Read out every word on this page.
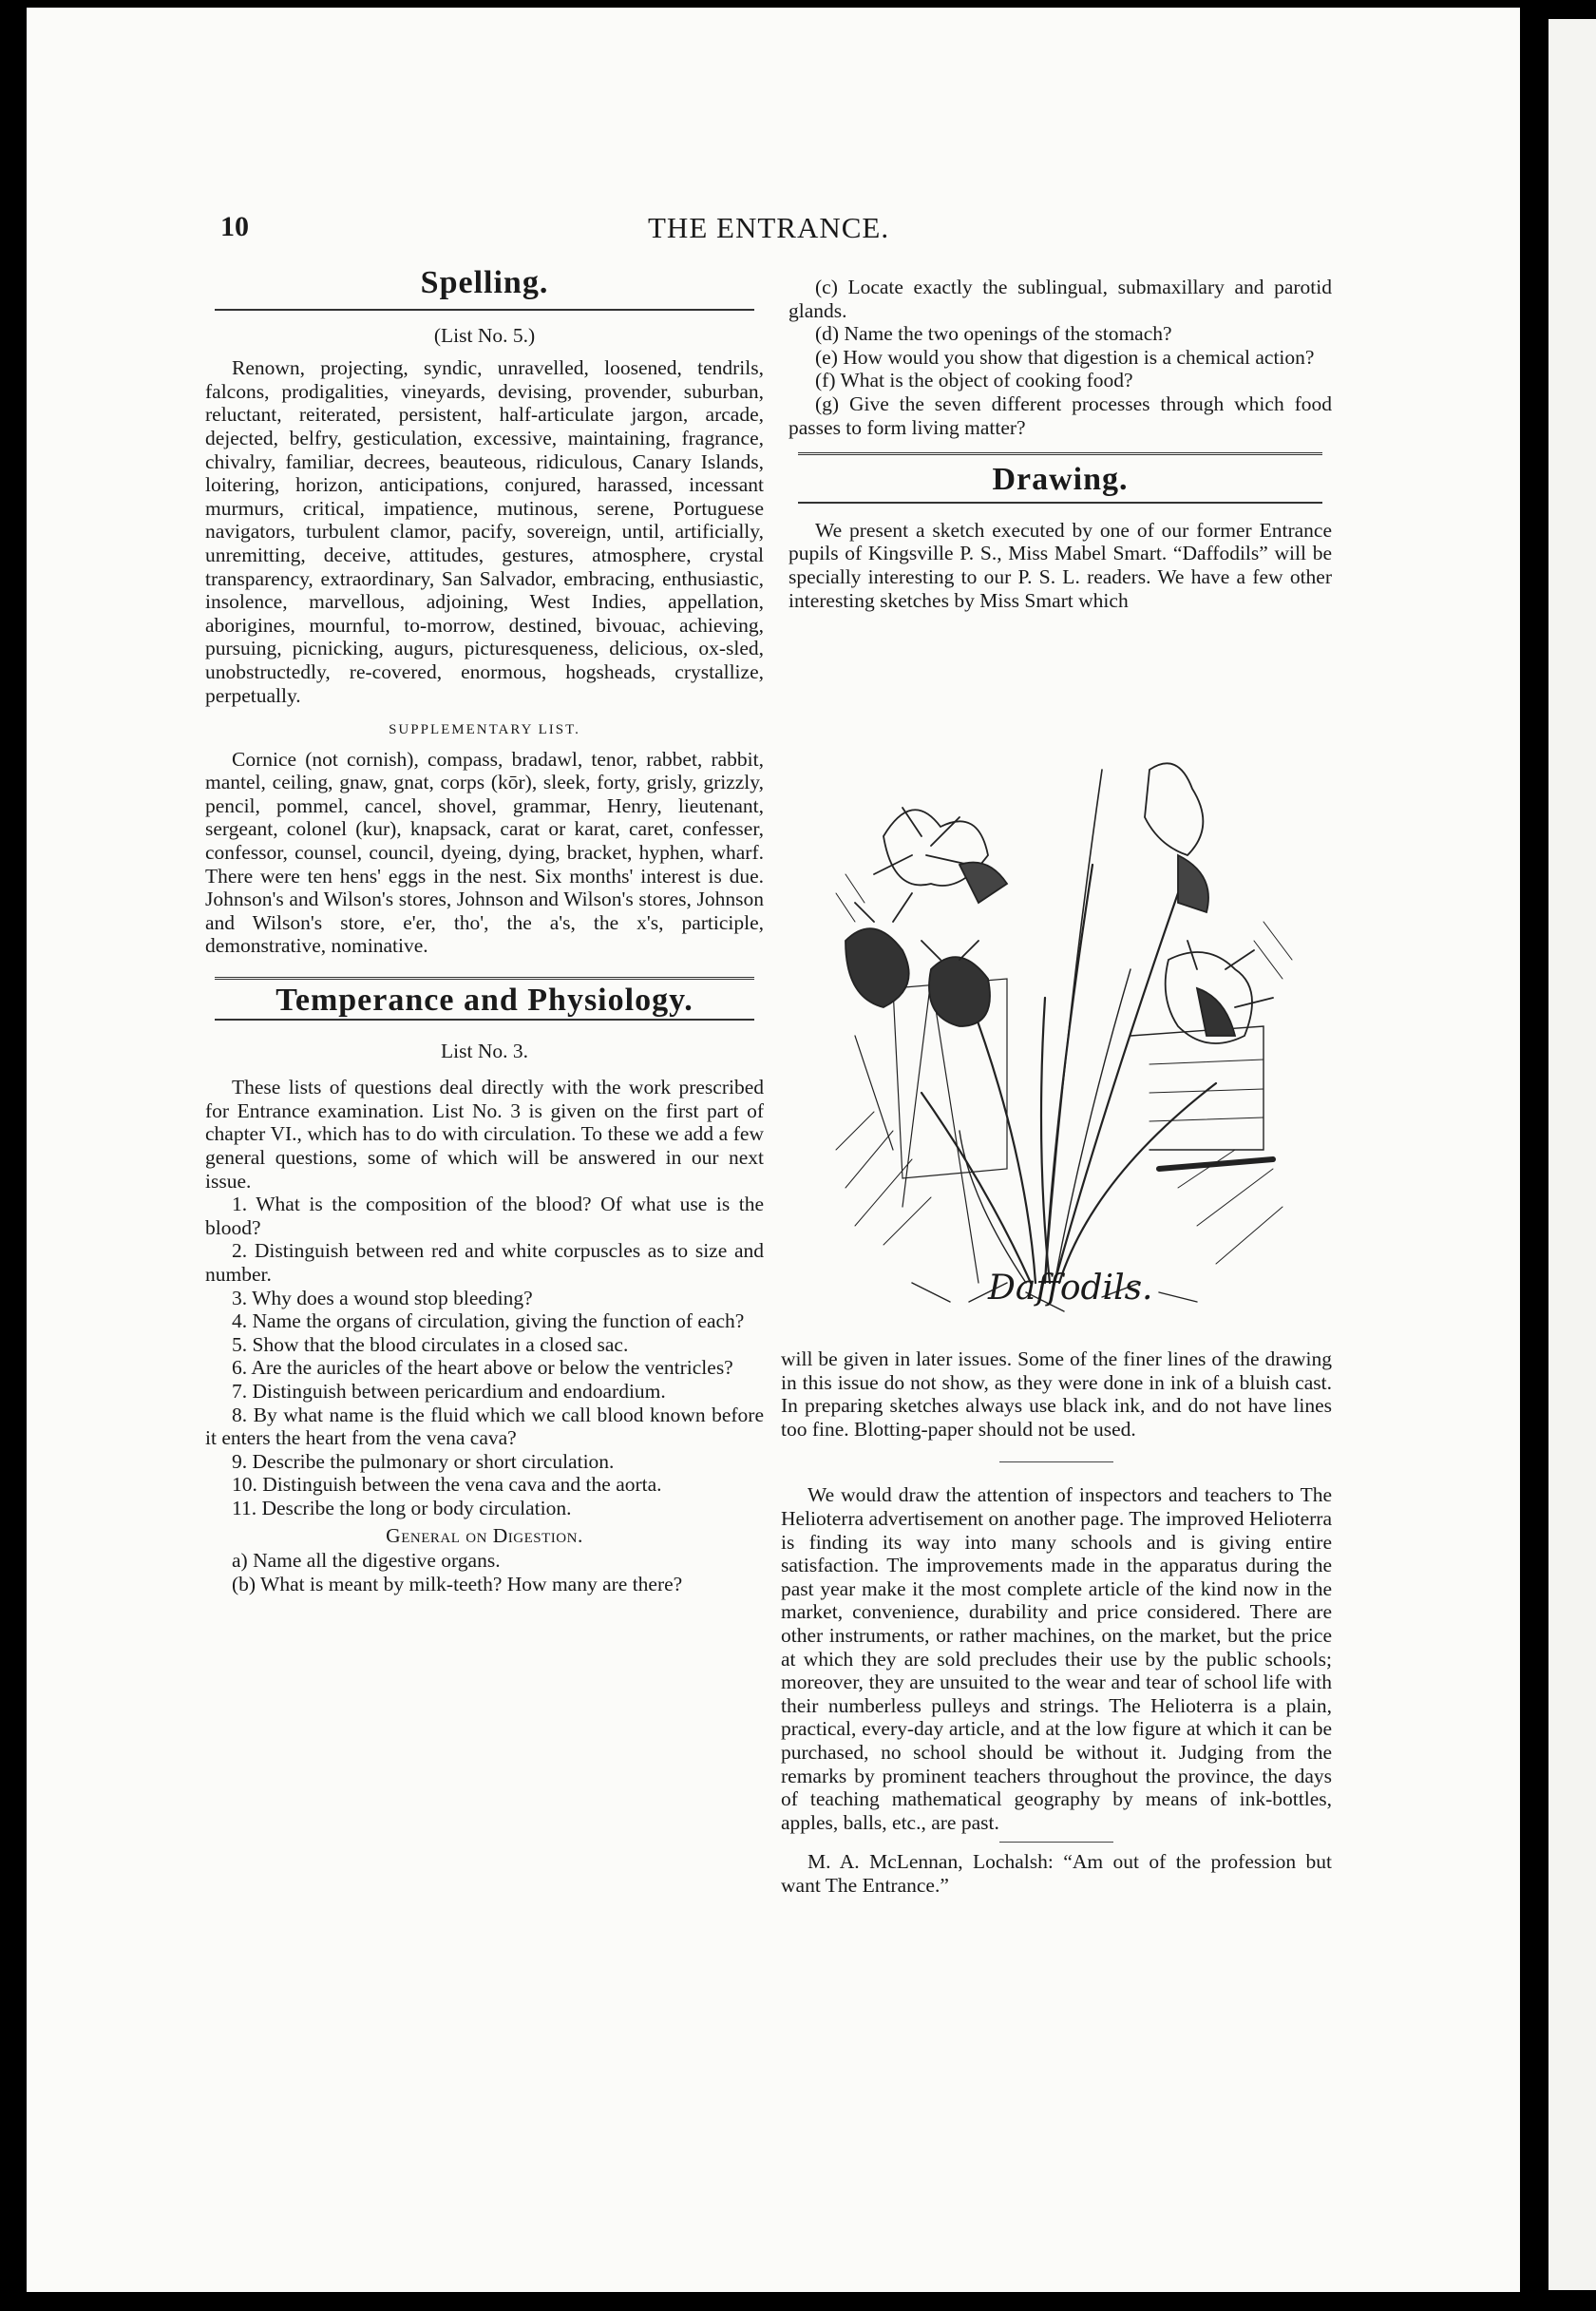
10	THE ENTRANCE.
Spelling.

(List No. 5.)

Renown, projecting, syndic, unravelled, loosened, tendrils, falcons, prodigalities, vineyards, devising, provender, suburban, reluctant, reiterated, persistent, half-articulate jargon, arcade, dejected, belfry, gesticulation, excessive, maintaining, fragrance, chivalry, familiar, decrees, beauteous, ridiculous, Canary Islands, loitering, horizon, anticipations, conjured, harassed, incessant murmurs, critical, impatience, mutinous, serene, Portuguese navigators, turbulent clamor, pacify, sovereign, until, artificially, unremitting, deceive, attitudes, gestures, atmosphere, crystal transparency, extraordinary, San Salvador, embracing, enthusiastic, insolence, marvellous, adjoining, West Indies, appellation, aborigines, mournful, to-morrow, destined, bivouac, achieving, pursuing, picnicking, augurs, picturesqueness, delicious, ox-sled, unobstructedly, re-covered, enormous, hogsheads, crystallize, perpetually.

SUPPLEMENTARY LIST.

Cornice (not cornish), compass, bradawl, tenor, rabbet, rabbit, mantel, ceiling, gnaw, gnat, corps (kōr), sleek, forty, grisly, grizzly, pencil, pommel, cancel, shovel, grammar, Henry, lieutenant, sergeant, colonel (kur), knapsack, carat or karat, caret, confesser, confessor, counsel, council, dyeing, dying, bracket, hyphen, wharf. There were ten hens' eggs in the nest. Six months' interest is due. Johnson's and Wilson's stores, Johnson and Wilson's stores, Johnson and Wilson's store, e'er, tho', the a's, the x's, participle, demonstrative, nominative.

Temperance and Physiology.

List No. 3.

These lists of questions deal directly with the work prescribed for Entrance examination. List No. 3 is given on the first part of chapter VI., which has to do with circulation. To these we add a few general questions, some of which will be answered in our next issue.

1. What is the composition of the blood? Of what use is the blood?

2. Distinguish between red and white corpuscles as to size and number.

3. Why does a wound stop bleeding?

4. Name the organs of circulation, giving the function of each?

5. Show that the blood circulates in a closed sac.

6. Are the auricles of the heart above or below the ventricles?

7. Distinguish between pericardium and endoardium.

8. By what name is the fluid which we call blood known before it enters the heart from the vena cava?

9. Describe the pulmonary or short circulation.

10. Distinguish between the vena cava and the aorta.

11. Describe the long or body circulation.

General on Digestion.

a) Name all the digestive organs.

(b) What is meant by milk-teeth? How many are there?

(c) Locate exactly the sublingual, submaxillary and parotid glands.

(d) Name the two openings of the stomach?

(e) How would you show that digestion is a chemical action?

(f) What is the object of cooking food?

(g) Give the seven different processes through which food passes to form living matter?

Drawing.

We present a sketch executed by one of our former Entrance pupils of Kingsville P. S., Miss Mabel Smart. “Daffodils” will be specially interesting to our P. S. L. readers. We have a few other interesting sketches by Miss Smart which

Daffodils.

will be given in later issues. Some of the finer lines of the drawing in this issue do not show, as they were done in ink of a bluish cast. In preparing sketches always use black ink, and do not have lines too fine. Blotting-paper should not be used.

We would draw the attention of inspectors and teachers to The Helioterra advertisement on another page. The improved Helioterra is finding its way into many schools and is giving entire satisfaction. The improvements made in the apparatus during the past year make it the most complete article of the kind now in the market, convenience, durability and price considered. There are other instruments, or rather machines, on the market, but the price at which they are sold precludes their use by the public schools; moreover, they are unsuited to the wear and tear of school life with their numberless pulleys and strings. The Helioterra is a plain, practical, every-day article, and at the low figure at which it can be purchased, no school should be without it. Judging from the remarks by prominent teachers throughout the province, the days of teaching mathematical geography by means of ink-bottles, apples, balls, etc., are past.

M. A. McLennan, Lochalsh: “Am out of the profession but want The Entrance.”
